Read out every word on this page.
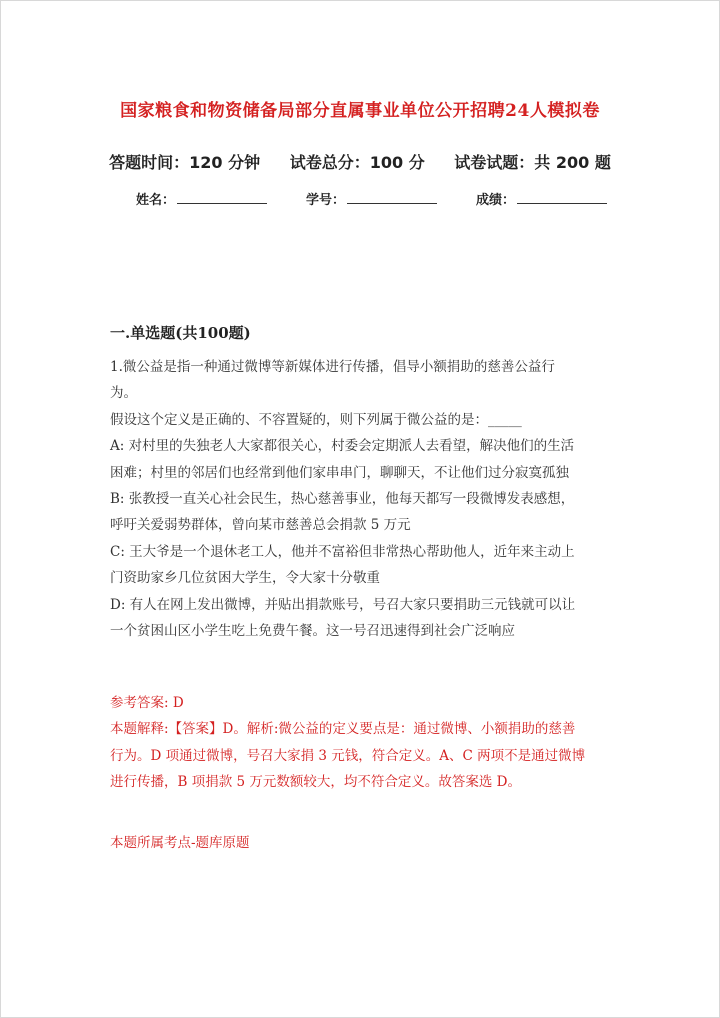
国家粮食和物资储备局部分直属事业单位公开招聘24人模拟卷
答题时间：120 分钟 试卷总分：100 分 试卷试题：共 200 题
姓名：	学号：	成绩：
一.单选题(共100题)

1.微公益是指一种通过微博等新媒体进行传播，倡导小额捐助的慈善公益行

为。

假设这个定义是正确的、不容置疑的，则下列属于微公益的是：_____

A: 对村里的失独老人大家都很关心，村委会定期派人去看望，解决他们的生活

困难；村里的邻居们也经常到他们家串串门，聊聊天，不让他们过分寂寞孤独

B: 张教授一直关心社会民生，热心慈善事业，他每天都写一段微博发表感想，

呼吁关爱弱势群体，曾向某市慈善总会捐款 5 万元

C: 王大爷是一个退休老工人，他并不富裕但非常热心帮助他人，近年来主动上

门资助家乡几位贫困大学生，令大家十分敬重

D: 有人在网上发出微博，并贴出捐款账号，号召大家只要捐助三元钱就可以让

一个贫困山区小学生吃上免费午餐。这一号召迅速得到社会广泛响应

参考答案: D

本题解释:【答案】D。解析:微公益的定义要点是：通过微博、小额捐助的慈善

行为。D 项通过微博，号召大家捐 3 元钱，符合定义。A、C 两项不是通过微博

进行传播，B 项捐款 5 万元数额较大，均不符合定义。故答案选 D。

本题所属考点-题库原题
